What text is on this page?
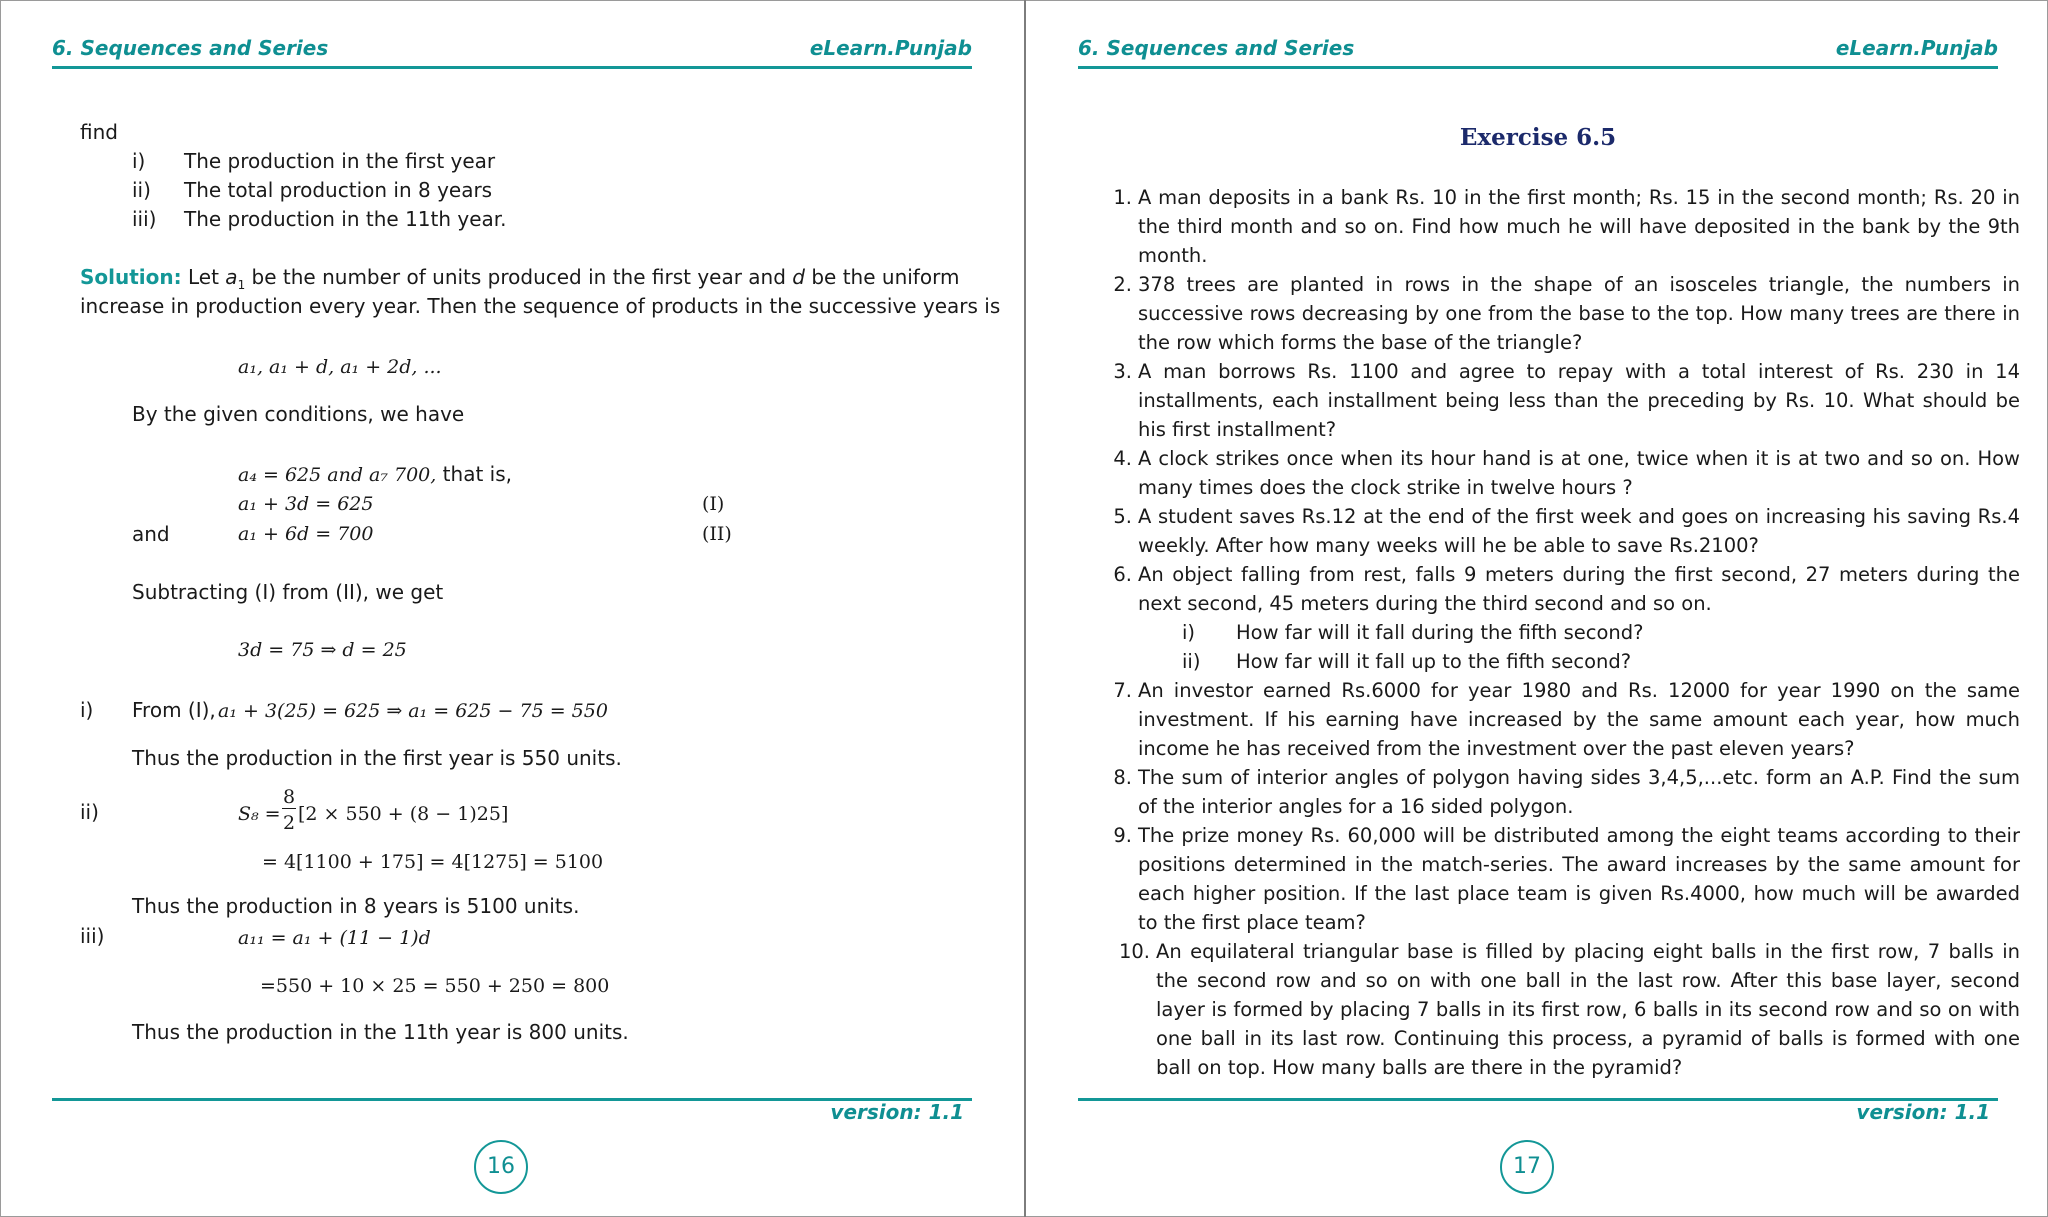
6. Sequences and Series	eLearn.Punjab
find
i) The production in the first year
ii) The total production in 8 years
iii) The production in the 11th year.
Solution: Let $a_1$ be the number of units produced in the first year and d be the uniform
increase in production every year. Then the sequence of products in the successive years is
a₁, a₁ + d, a₁ + 2d, ...
By the given conditions, we have
a₄ = 625 and a₇ 700, that is,
a₁ + 3d = 625	(I)
and	a₁ + 6d = 700	(II)
Subtracting (I) from (II), we get
3d = 75 ⇒ d = 25
i) From (I), a₁ + 3(25) = 625 ⇒ a₁ = 625 − 75 = 550
Thus the production in the first year is 550 units.
ii)	S₈ =
8
2 [2 × 550 + (8 − 1)25]
= 4[1100 + 175] = 4[1275] = 5100
Thus the production in 8 years is 5100 units.
iii)	a₁₁ = a₁ + (11 − 1)d
=550 + 10 × 25 = 550 + 250 = 800
Thus the production in the 11th year is 800 units.
version: 1.1
16
6. Sequences and Series	eLearn.Punjab
Exercise 6.5
1. A man deposits in a bank Rs. 10 in the first month; Rs. 15 in the second month; Rs. 20 in the third month and so on. Find how much he will have deposited in the bank by the 9th month.
2. 378 trees are planted in rows in the shape of an isosceles triangle, the numbers in successive rows decreasing by one from the base to the top. How many trees are there in the row which forms the base of the triangle?
3. A man borrows Rs. 1100 and agree to repay with a total interest of Rs. 230 in 14 installments, each installment being less than the preceding by Rs. 10. What should be his first installment?
4. A clock strikes once when its hour hand is at one, twice when it is at two and so on. How many times does the clock strike in twelve hours ?
5. A student saves Rs.12 at the end of the first week and goes on increasing his saving Rs.4 weekly. After how many weeks will he be able to save Rs.2100?
6. An object falling from rest, falls 9 meters during the first second, 27 meters during the next second, 45 meters during the third second and so on.
i)	How far will it fall during the fifth second?
ii)	How far will it fall up to the fifth second?
7. An investor earned Rs.6000 for year 1980 and Rs. 12000 for year 1990 on the same investment. If his earning have increased by the same amount each year, how much income he has received from the investment over the past eleven years?
8. The sum of interior angles of polygon having sides 3,4,5,...etc. form an A.P. Find the sum of the interior angles for a 16 sided polygon.
9. The prize money Rs. 60,000 will be distributed among the eight teams according to their positions determined in the match-series. The award increases by the same amount for each higher position. If the last place team is given Rs.4000, how much will be awarded to the first place team?
10. An equilateral triangular base is filled by placing eight balls in the first row, 7 balls in the second row and so on with one ball in the last row. After this base layer, second layer is formed by placing 7 balls in its first row, 6 balls in its second row and so on with one ball in its last row. Continuing this process, a pyramid of balls is formed with one ball on top. How many balls are there in the pyramid?
version: 1.1
17
